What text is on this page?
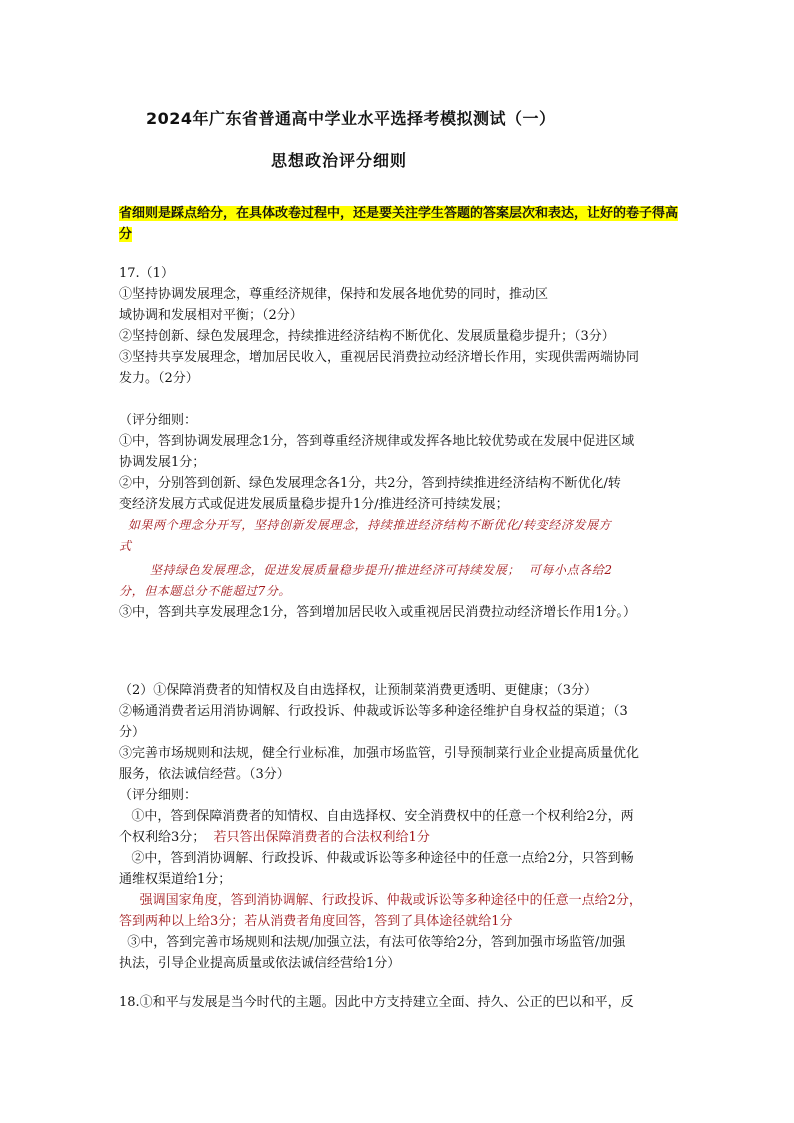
2024年广东省普通高中学业水平选择考模拟测试（一）
思想政治评分细则
省细则是踩点给分，在具体改卷过程中，还是要关注学生答题的答案层次和表达，让好的卷子得高分
17.（1）
①坚持协调发展理念，尊重经济规律，保持和发展各地优势的同时，推动区
域协调和发展相对平衡；（2分）
②坚持创新、绿色发展理念，持续推进经济结构不断优化、发展质量稳步提升；（3分）
③坚持共享发展理念，增加居民收入，重视居民消费拉动经济增长作用，实现供需两端协同
发力。（2分）
（评分细则：
①中，答到协调发展理念1分，答到尊重经济规律或发挥各地比较优势或在发展中促进区域
协调发展1分；
②中，分别答到创新、绿色发展理念各1分，共2分，答到持续推进经济结构不断优化/转
变经济发展方式或促进发展质量稳步提升1分/推进经济可持续发展；
如果两个理念分开写，坚持创新发展理念，持续推进经济结构不断优化/转变经济发展方
式
坚持绿色发展理念，促进发展质量稳步提升/推进经济可持续发展；  可每小点各给2
分，但本题总分不能超过7分。
③中，答到共享发展理念1分，答到增加居民收入或重视居民消费拉动经济增长作用1分。）
（2）①保障消费者的知情权及自由选择权，让预制菜消费更透明、更健康；（3分）
②畅通消费者运用消协调解、行政投诉、仲裁或诉讼等多种途径维护自身权益的渠道；（3
分）
③完善市场规则和法规，健全行业标准，加强市场监管，引导预制菜行业企业提高质量优化
服务，依法诚信经营。（3分）
（评分细则：
①中，答到保障消费者的知情权、自由选择权、安全消费权中的任意一个权利给2分，两
个权利给3分；  若只答出保障消费者的合法权利给1分
②中，答到消协调解、行政投诉、仲裁或诉讼等多种途径中的任意一点给2分，只答到畅
通维权渠道给1分；
强调国家角度，答到消协调解、行政投诉、仲裁或诉讼等多种途径中的任意一点给2分，
答到两种以上给3分；若从消费者角度回答，答到了具体途径就给1分
③中，答到完善市场规则和法规/加强立法，有法可依等给2分，答到加强市场监管/加强
执法，引导企业提高质量或依法诚信经营给1分）
18.①和平与发展是当今时代的主题。因此中方支持建立全面、持久、公正的巴以和平，反
